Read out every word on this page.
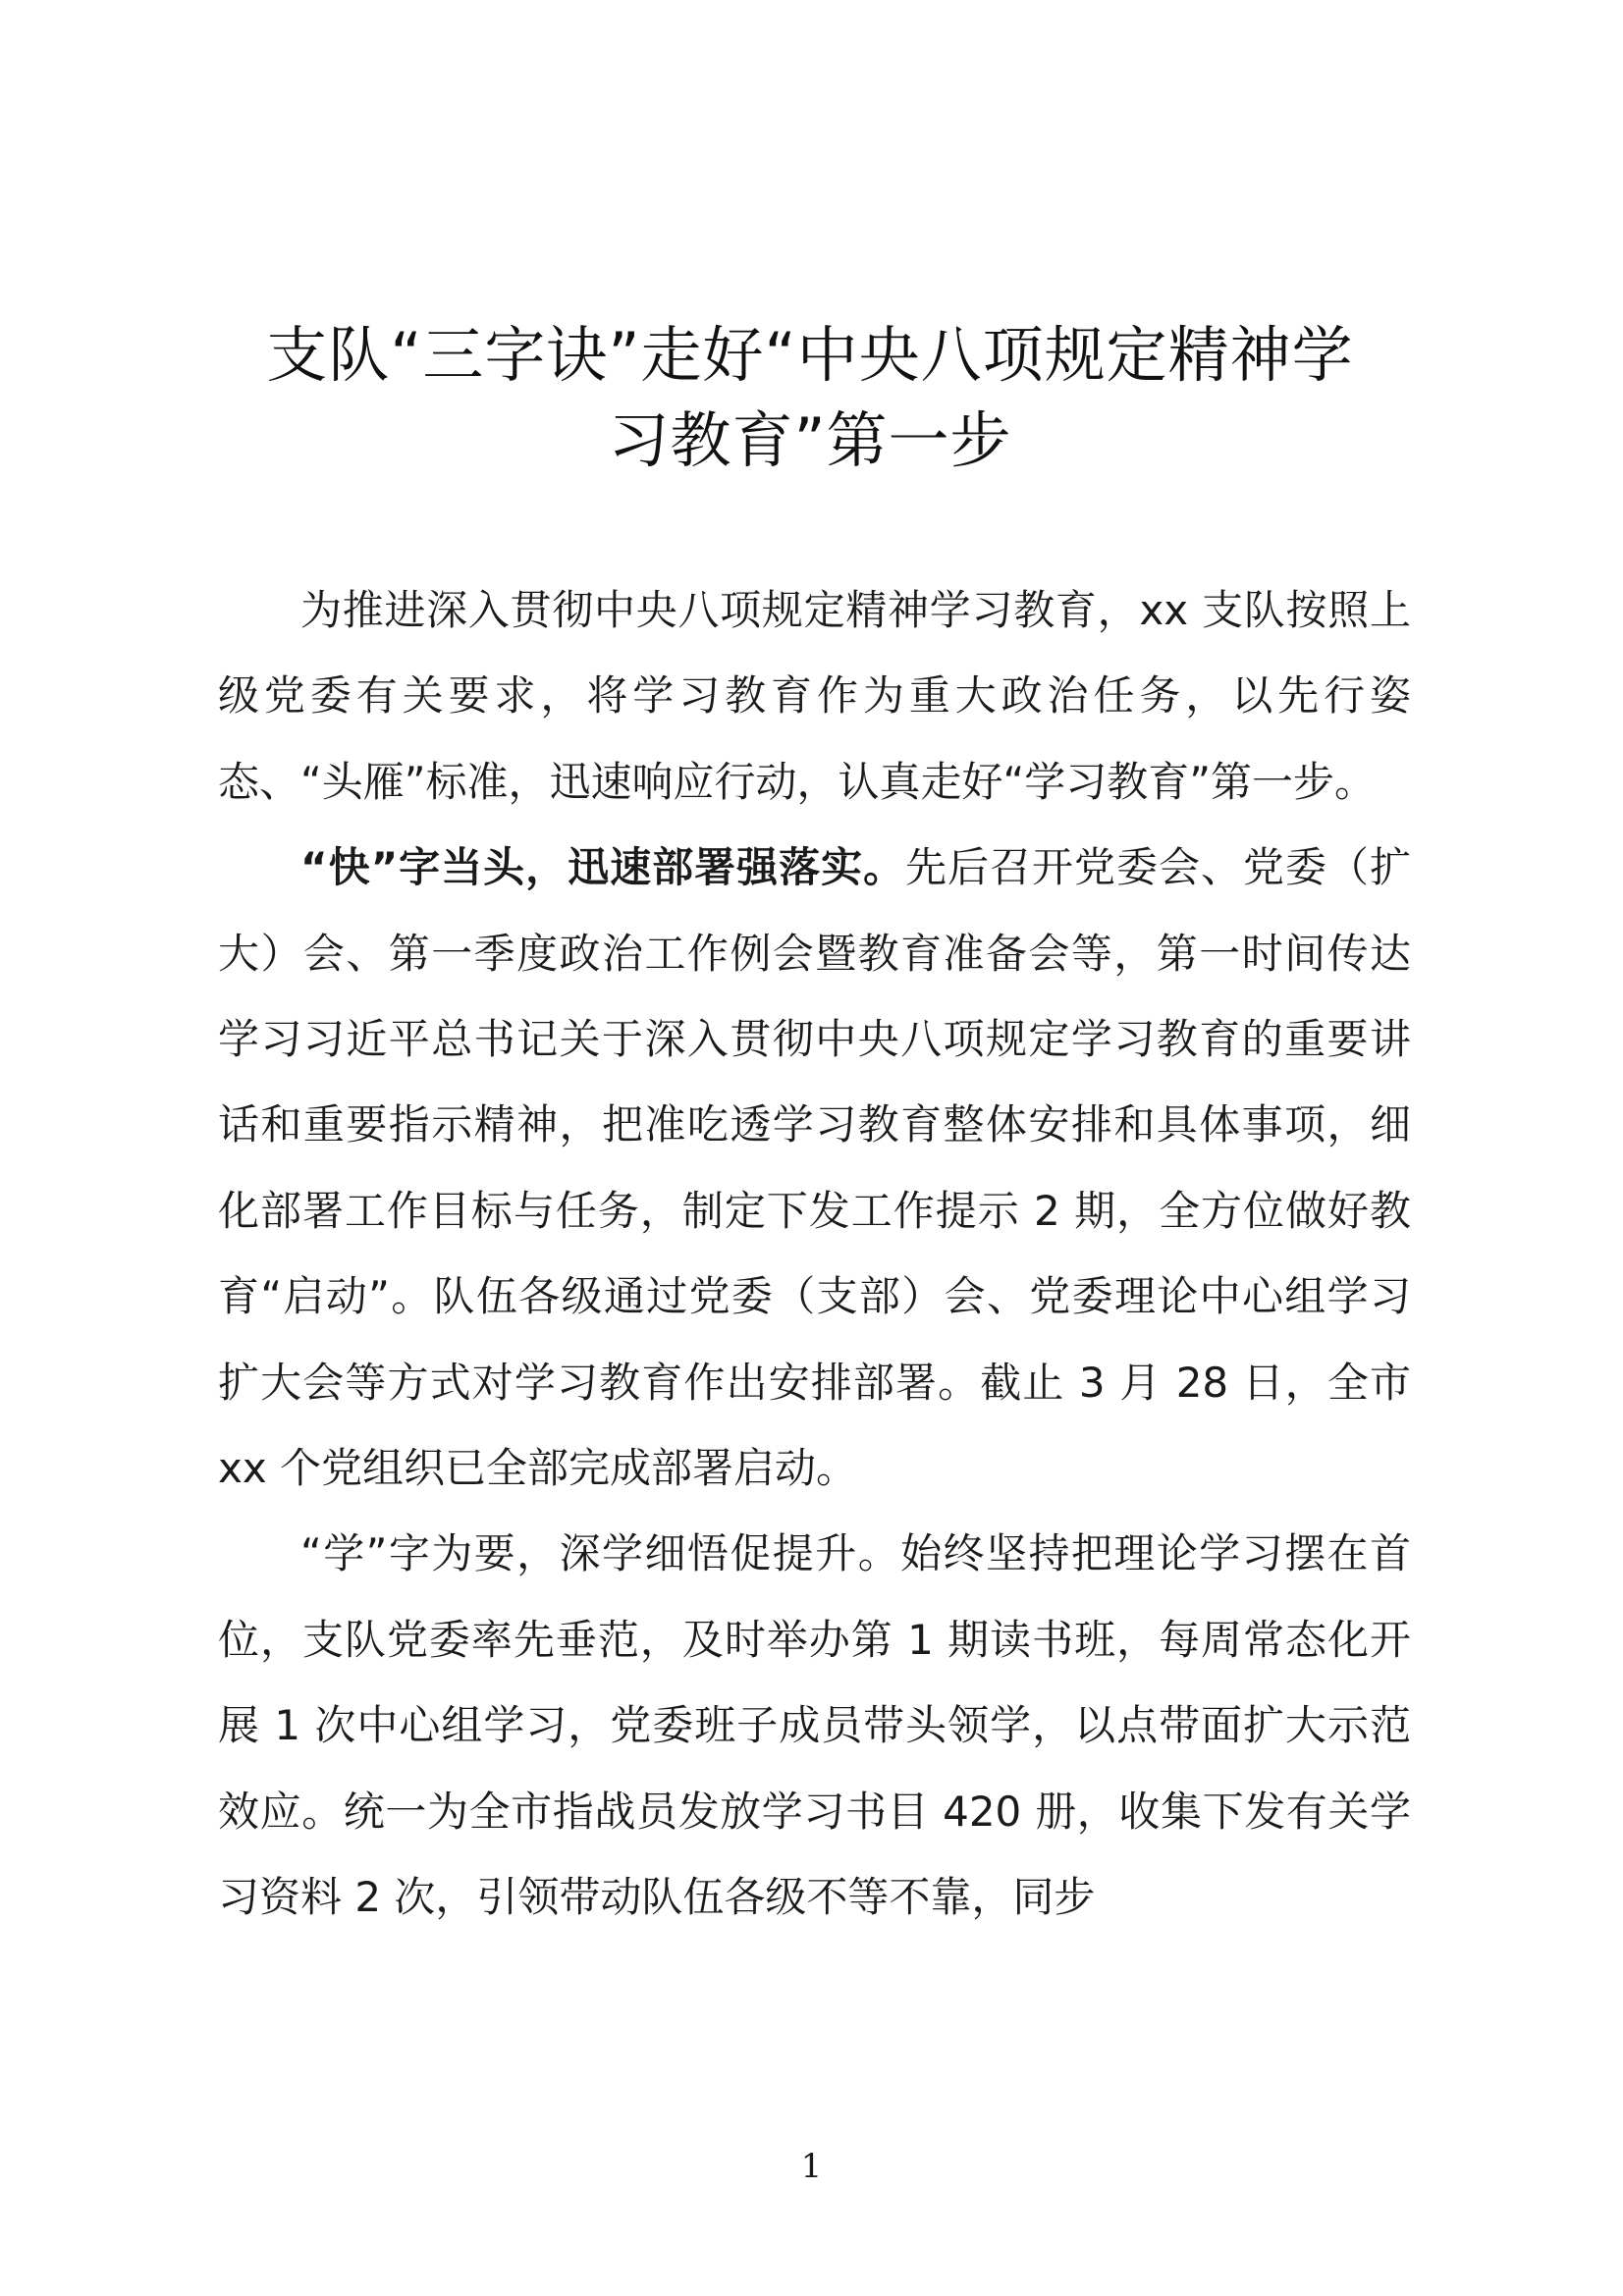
支队“三字诀”走好“中央八项规定精神学
习教育”第一步

为推进深入贯彻中央八项规定精神学习教育，xx 支队按照上级党委有关要求，将学习教育作为重大政治任务，以先行姿态、“头雁”标准，迅速响应行动，认真走好“学习教育”第一步。

“快”字当头，迅速部署强落实。先后召开党委会、党委（扩大）会、第一季度政治工作例会暨教育准备会等，第一时间传达学习习近平总书记关于深入贯彻中央八项规定学习教育的重要讲话和重要指示精神，把准吃透学习教育整体安排和具体事项，细化部署工作目标与任务，制定下发工作提示 2 期，全方位做好教育“启动”。队伍各级通过党委（支部）会、党委理论中心组学习扩大会等方式对学习教育作出安排部署。截止 3 月 28 日，全市 xx 个党组织已全部完成部署启动。

“学”字为要，深学细悟促提升。始终坚持把理论学习摆在首位，支队党委率先垂范，及时举办第 1 期读书班，每周常态化开展 1 次中心组学习，党委班子成员带头领学，以点带面扩大示范效应。统一为全市指战员发放学习书目 420 册，收集下发有关学习资料 2 次，引领带动队伍各级不等不靠，同步

1
